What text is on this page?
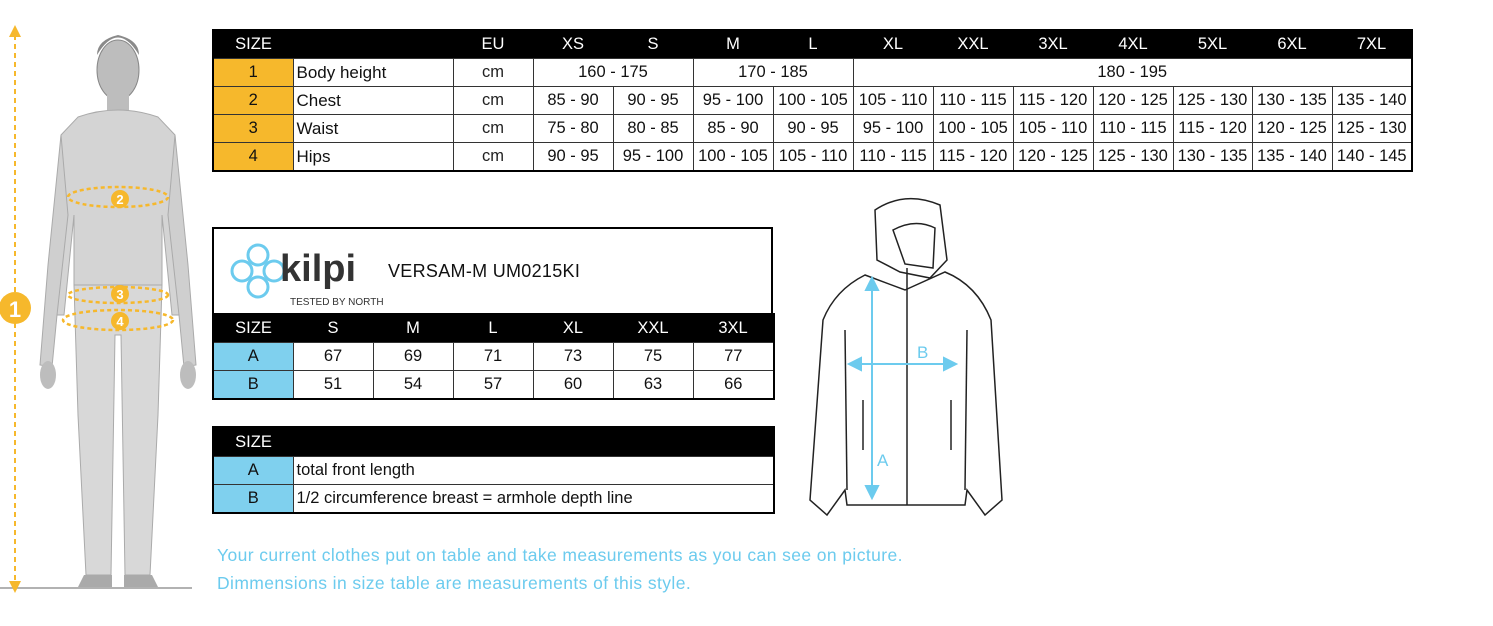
1
2
3
4
SIZE		EU	XS	S	M	L	XL	XXL	3XL	4XL	5XL	6XL	7XL
1	Body height	cm	160 - 175		170 - 185		180 - 195						
2	Chest	cm	85 - 90	90 - 95	95 - 100	100 - 105	105 - 110	110 - 115	115 - 120	120 - 125	125 - 130	130 - 135	135 - 140
3	Waist	cm	75 - 80	80 - 85	85 - 90	90 - 95	95 - 100	100 - 105	105 - 110	110 - 115	115 - 120	120 - 125	125 - 130
4	Hips	cm	90 - 95	95 - 100	100 - 105	105 - 110	110 - 115	115 - 120	120 - 125	125 - 130	130 - 135	135 - 140	140 - 145
kilpi
TESTED BY NORTH
VERSAM-M UM0215KI
SIZE	S	M	L	XL	XXL	3XL
A	67	69	71	73	75	77
B	51	54	57	60	63	66
SIZE	
A	total front length
B	1/2 circumference breast = armhole depth line
A
B
Your current clothes put on table and take measurements as you can see on picture.
Dimmensions in size table are measurements of this style.
